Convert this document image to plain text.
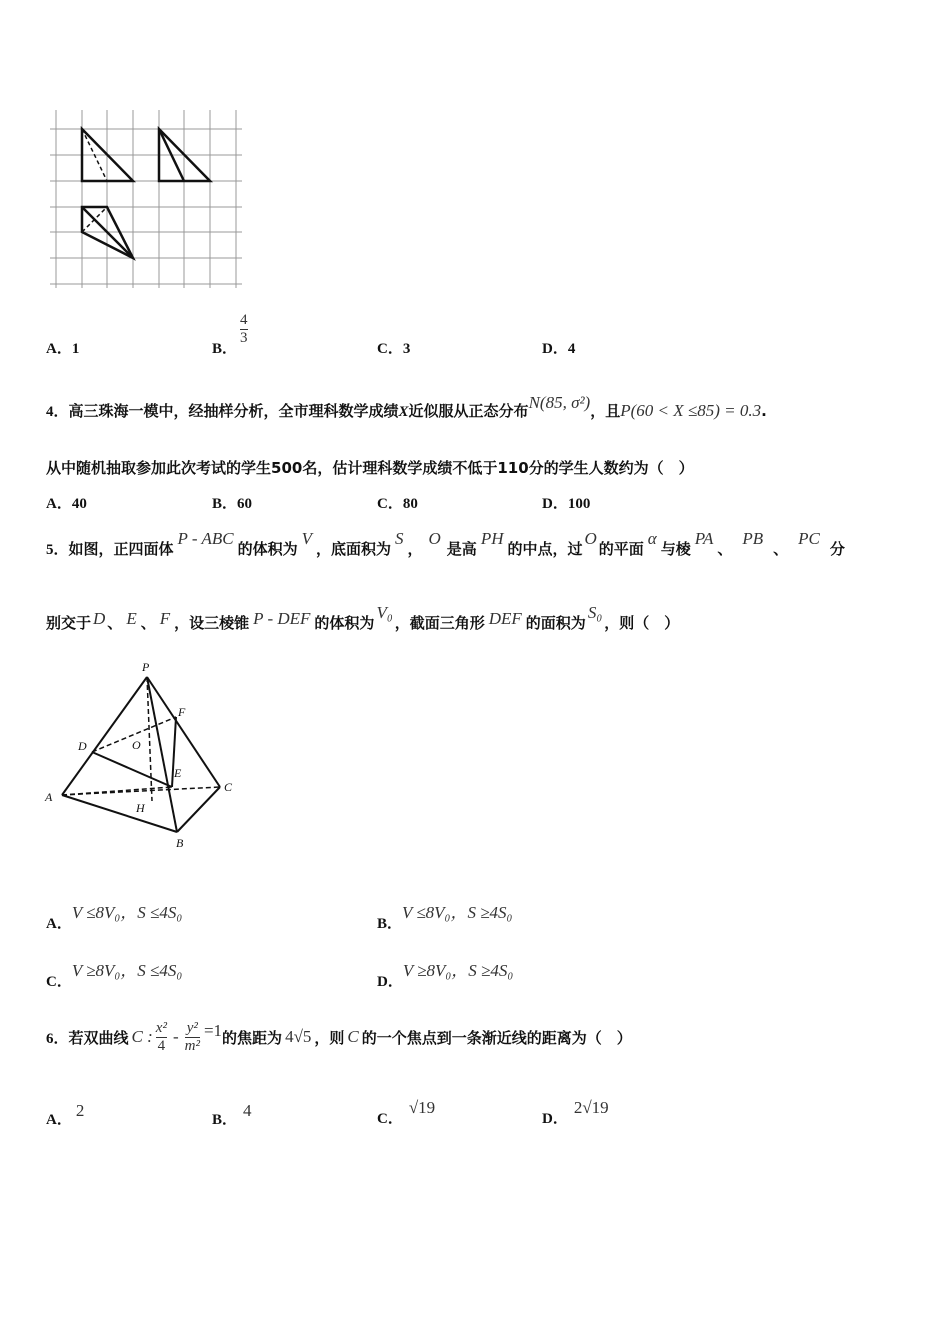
A．1	B．
4
3
C．3	D．4
4． 高三珠海一模中，经抽样分析，全市理科数学成绩 X 近似服从正态分布 N(85, σ²) ，且 P(60 < X ≤85) = 0.3 .
从中随机抽取参加此次考试的学生500名，估计理科数学成绩不低于110分的学生人数约为（　）
A．40	B．60	C．80	D．100
5． 如图，正四面体
P - ABC
的体积为
V
，底面积为
S
，
O
是高
PH
的中点，过
O
的平面
α
与棱
PA
、
PB
、
PC
分
别交于 D 、 E 、 F ，设三棱锥 P - DEF 的体积为
V₀
，截面三角形 DEF 的面积为
S₀
，则（　）
P
F
D	O
E
A
C
H
B
A．
V ≤8V₀，S ≤4S₀
B．
V ≤8V₀，S ≥4S₀
C．
V ≥8V₀，S ≤4S₀
D．
V ≥8V₀，S ≥4S₀
6． 若双曲线 C : $\frac{\text{x²}}{4} - \frac{\text{y²}}{\text{m²}} =1$ 的焦距为 4√5 ，则 C 的一个焦点到一条渐近线的距离为（　）
A． 2	B． 4	C．
√19
D．
2√19
